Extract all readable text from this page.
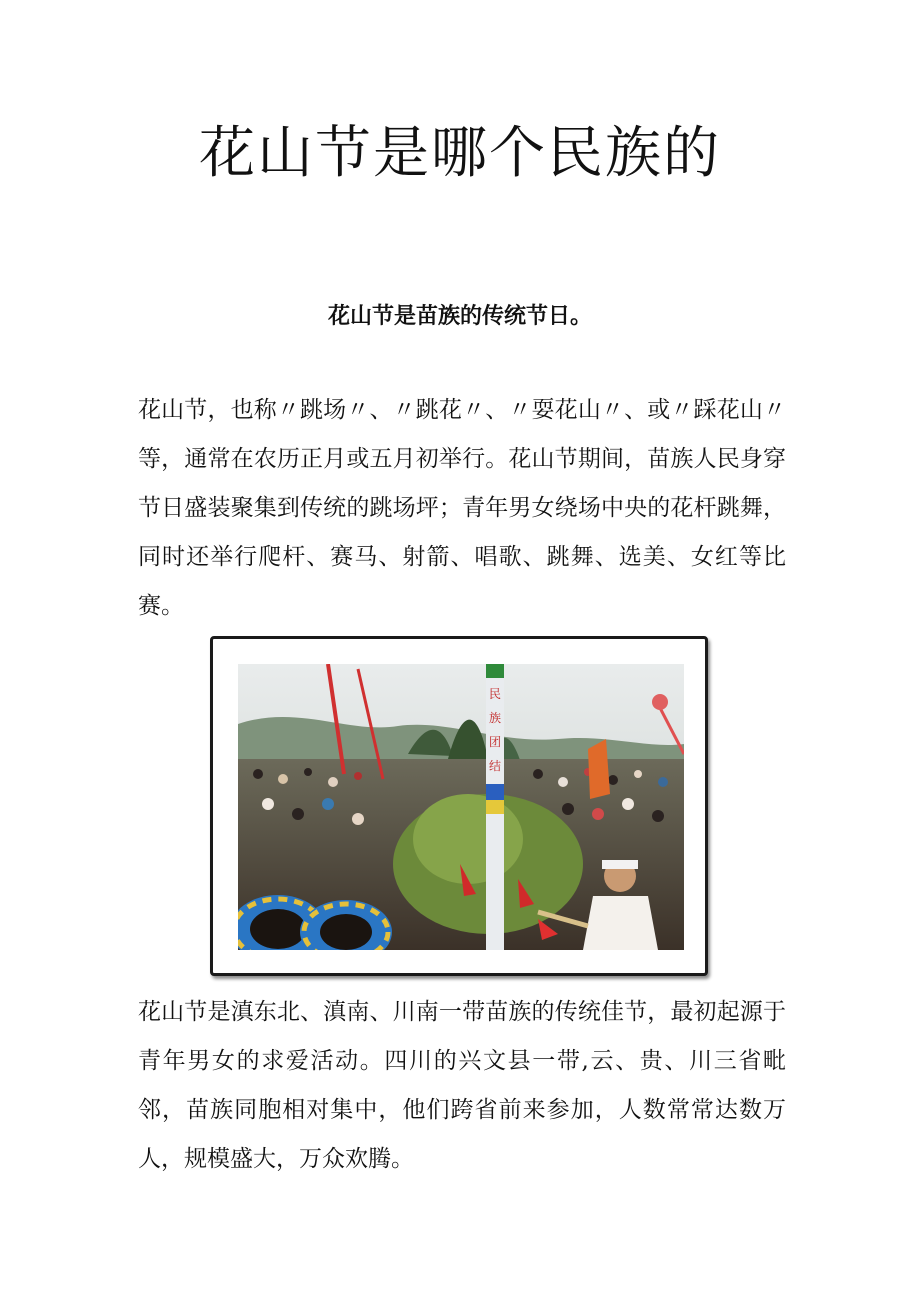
花山节是哪个民族的

花山节是苗族的传统节日。

花山节，也称〃跳场〃、〃跳花〃、〃耍花山〃、或〃踩花山〃等，通常在农历正月或五月初举行。花山节期间，苗族人民身穿节日盛装聚集到传统的跳场坪；青年男女绕场中央的花杆跳舞，同时还举行爬杆、赛马、射箭、唱歌、跳舞、选美、女红等比赛。

民
族
团
结

花山节是滇东北、滇南、川南一带苗族的传统佳节，最初起源于青年男女的求爱活动。四川的兴文县一带,云、贵、川三省毗邻，苗族同胞相对集中，他们跨省前来参加，人数常常达数万人，规模盛大，万众欢腾。
